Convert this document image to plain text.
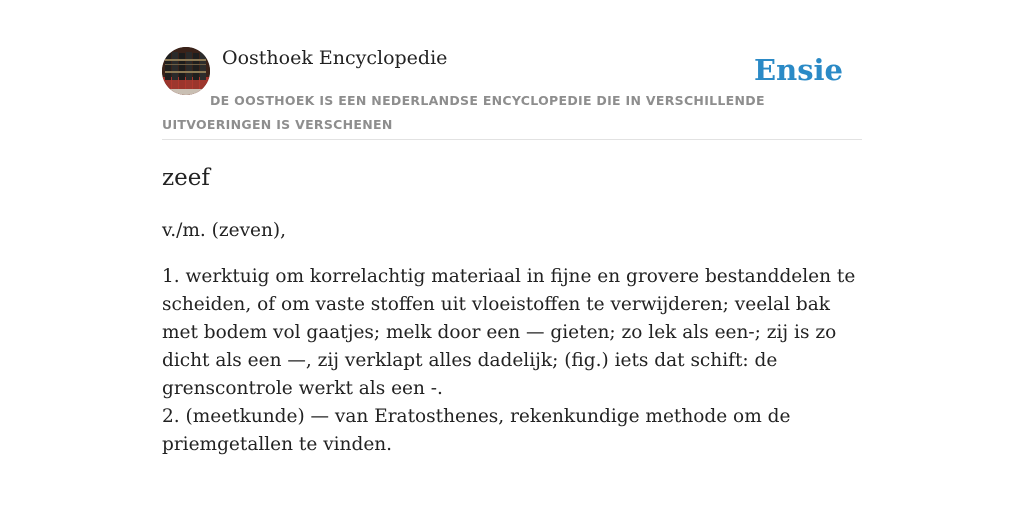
Oosthoek Encyclopedie	Ensie
DE OOSTHOEK IS EEN NEDERLANDSE ENCYCLOPEDIE DIE IN VERSCHILLENDE UITVOERINGEN IS VERSCHENEN
zeef
v./m. (zeven),

1. werktuig om korrelachtig materiaal in fijne en grovere bestanddelen te scheiden, of om vaste stoffen uit vloeistoffen te verwijderen; veelal bak met bodem vol gaatjes; melk door een — gieten; zo lek als een-; zij is zo dicht als een —, zij verklapt alles dadelijk; (fig.) iets dat schift: de grenscontrole werkt als een -.

2. (meetkunde) — van Eratosthenes, rekenkundige methode om de priemgetallen te vinden.
